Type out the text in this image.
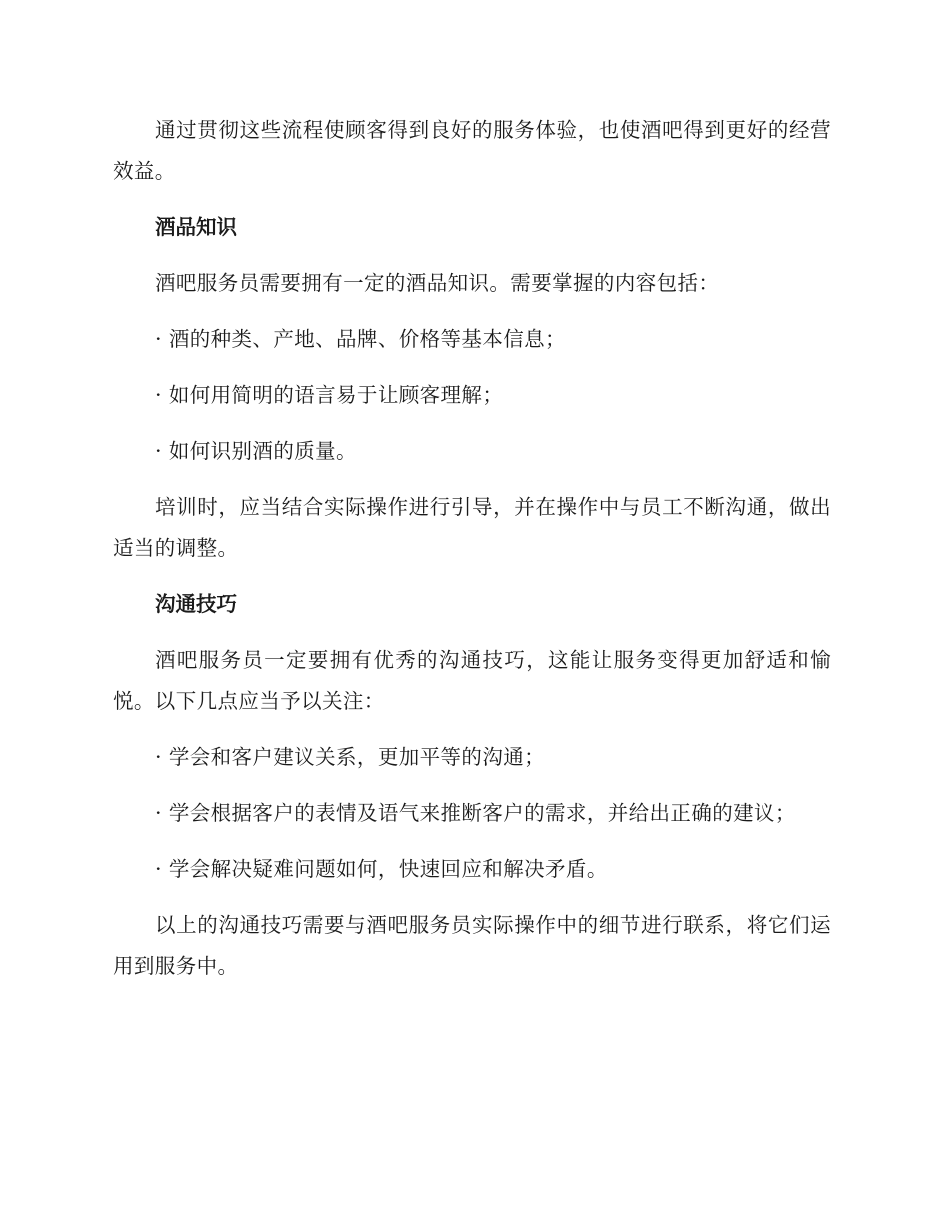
通过贯彻这些流程使顾客得到良好的服务体验，也使酒吧得到更好的经营效益。

酒品知识

酒吧服务员需要拥有一定的酒品知识。需要掌握的内容包括：

· 酒的种类、产地、品牌、价格等基本信息；

· 如何用简明的语言易于让顾客理解；

· 如何识别酒的质量。

培训时，应当结合实际操作进行引导，并在操作中与员工不断沟通，做出适当的调整。

沟通技巧

酒吧服务员一定要拥有优秀的沟通技巧，这能让服务变得更加舒适和愉悦。以下几点应当予以关注：

· 学会和客户建议关系，更加平等的沟通；

· 学会根据客户的表情及语气来推断客户的需求，并给出正确的建议；

· 学会解决疑难问题如何，快速回应和解决矛盾。

以上的沟通技巧需要与酒吧服务员实际操作中的细节进行联系，将它们运用到服务中。
